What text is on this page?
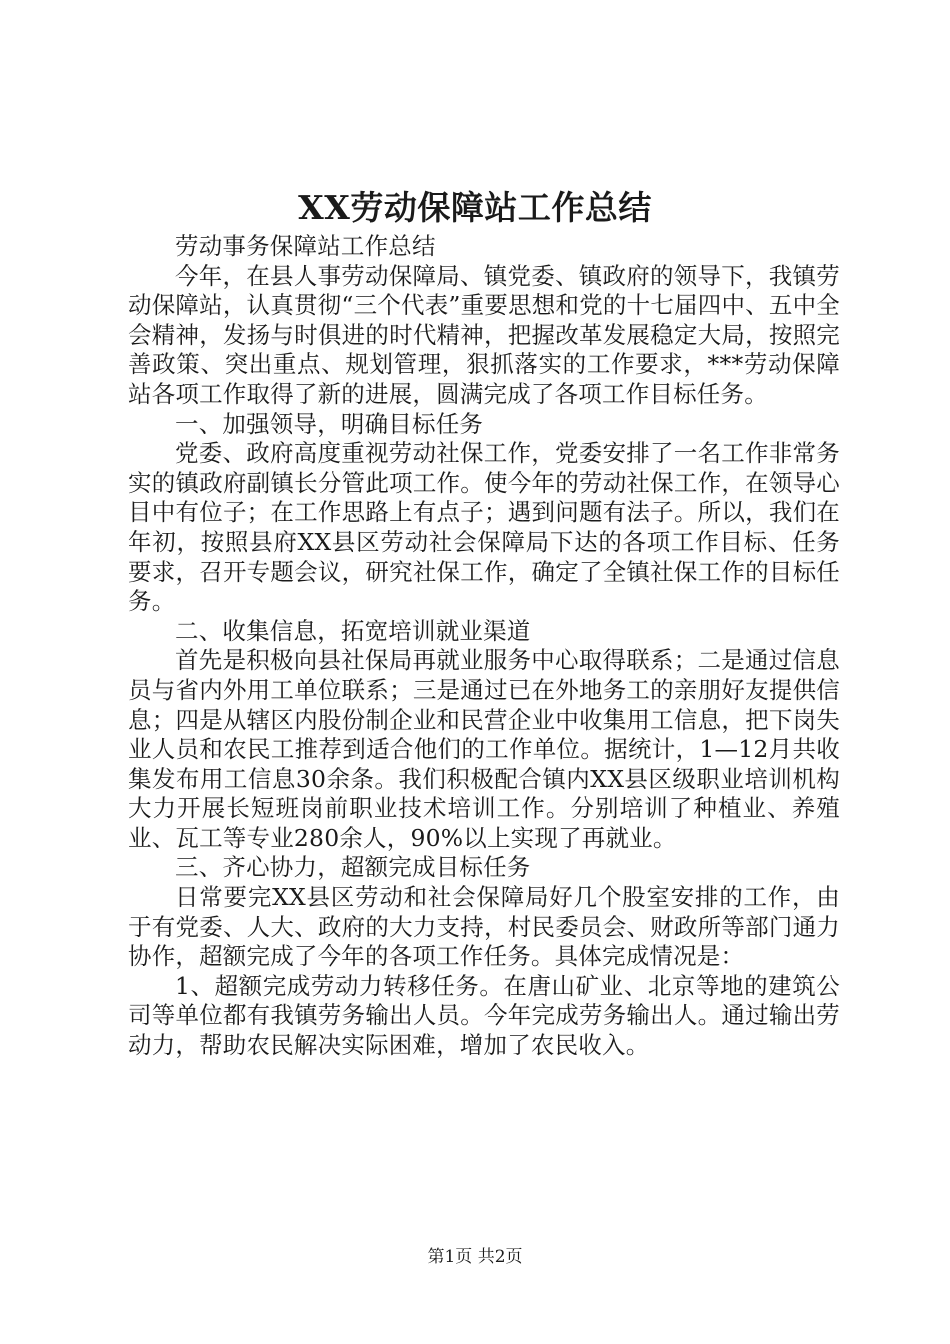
XX劳动保障站工作总结

劳动事务保障站工作总结

今年，在县人事劳动保障局、镇党委、镇政府的领导下，我镇劳动保障站，认真贯彻“三个代表”重要思想和党的十七届四中、五中全会精神，发扬与时俱进的时代精神，把握改革发展稳定大局，按照完善政策、突出重点、规划管理，狠抓落实的工作要求，***劳动保障站各项工作取得了新的进展，圆满完成了各项工作目标任务。

一、加强领导，明确目标任务

党委、政府高度重视劳动社保工作，党委安排了一名工作非常务实的镇政府副镇长分管此项工作。使今年的劳动社保工作，在领导心目中有位子；在工作思路上有点子；遇到问题有法子。所以，我们在年初，按照县府XX县区劳动社会保障局下达的各项工作目标、任务要求，召开专题会议，研究社保工作，确定了全镇社保工作的目标任务。

二、收集信息，拓宽培训就业渠道

首先是积极向县社保局再就业服务中心取得联系；二是通过信息员与省内外用工单位联系；三是通过已在外地务工的亲朋好友提供信息；四是从辖区内股份制企业和民营企业中收集用工信息，把下岗失业人员和农民工推荐到适合他们的工作单位。据统计，1—12月共收集发布用工信息30余条。我们积极配合镇内XX县区级职业培训机构大力开展长短班岗前职业技术培训工作。分别培训了种植业、养殖业、瓦工等专业280余人，90%以上实现了再就业。

三、齐心协力，超额完成目标任务

日常要完XX县区劳动和社会保障局好几个股室安排的工作，由于有党委、人大、政府的大力支持，村民委员会、财政所等部门通力协作，超额完成了今年的各项工作任务。具体完成情况是：

1、超额完成劳动力转移任务。在唐山矿业、北京等地的建筑公司等单位都有我镇劳务输出人员。今年完成劳务输出人。通过输出劳动力，帮助农民解决实际困难，增加了农民收入。

第1页 共2页
